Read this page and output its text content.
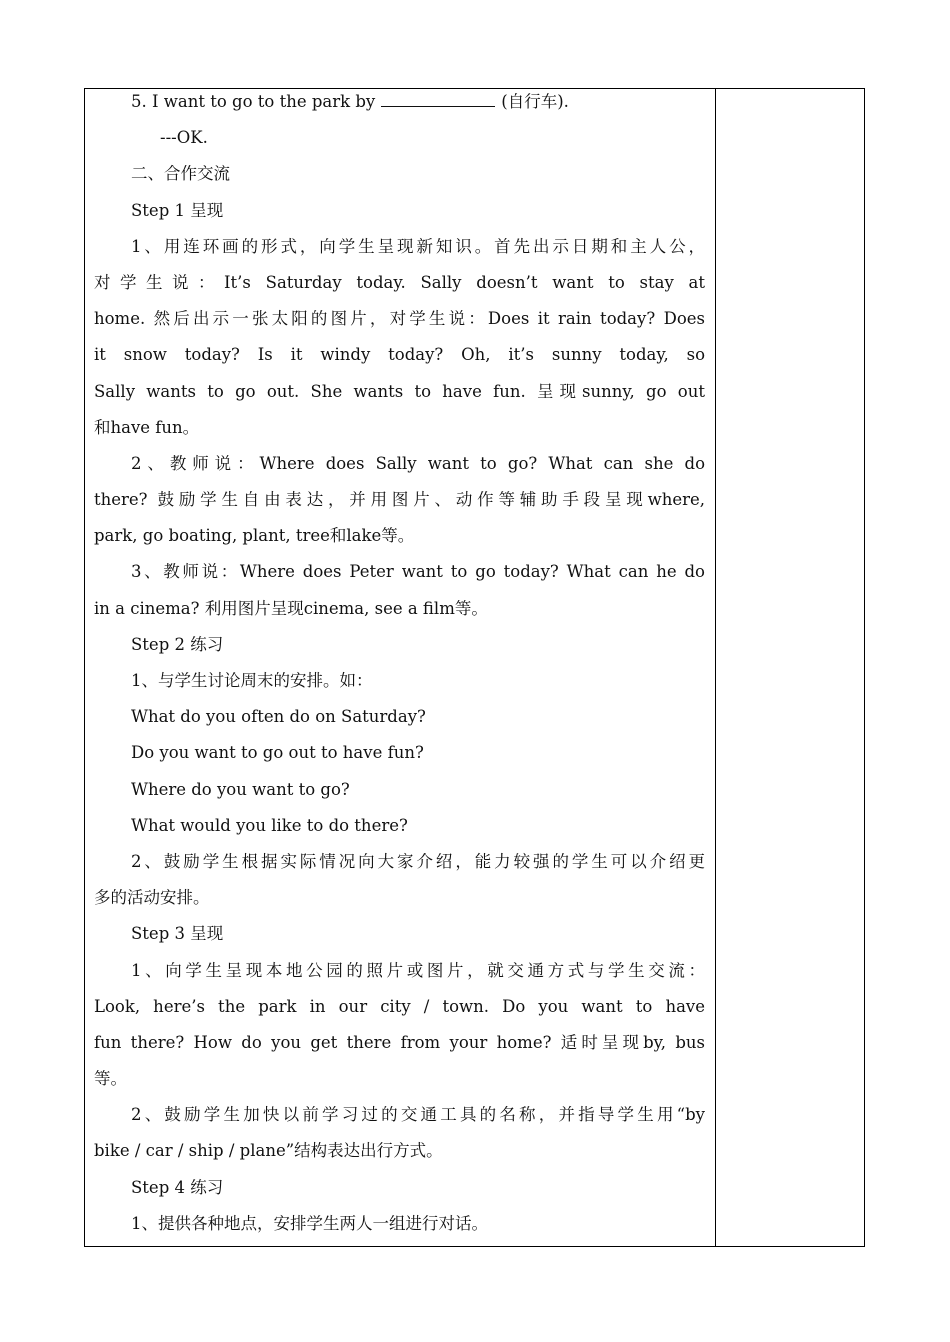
5. I want to go to the park by	(自行车).
---OK.
二、合作交流
Step 1 呈现
1、用连环画的形式，向学生呈现新知识。首先出示日期和主人公，
对学生说：It’s Saturday today. Sally doesn’t want to stay at
home. 然后出示一张太阳的图片，对学生说：Does it rain today? Does
it snow today? Is it windy today? Oh, it’s sunny today, so
Sally wants to go out. She wants to have fun. 呈现sunny, go out
和have fun。
2、教师说：Where does Sally want to go? What can she do
there? 鼓励学生自由表达，并用图片、动作等辅助手段呈现where,
park, go boating, plant, tree和lake等。
3、教师说：Where does Peter want to go today? What can he do
in a cinema? 利用图片呈现cinema, see a film等。
Step 2 练习
1、与学生讨论周末的安排。如：
What do you often do on Saturday?
Do you want to go out to have fun?
Where do you want to go?
What would you like to do there?
2、鼓励学生根据实际情况向大家介绍，能力较强的学生可以介绍更
多的活动安排。
Step 3 呈现
1、向学生呈现本地公园的照片或图片，就交通方式与学生交流：
Look, here’s the park in our city / town. Do you want to have
fun there? How do you get there from your home? 适时呈现by, bus
等。
2、鼓励学生加快以前学习过的交通工具的名称，并指导学生用“by
bike / car / ship / plane”结构表达出行方式。
Step 4 练习
1、提供各种地点，安排学生两人一组进行对话。
